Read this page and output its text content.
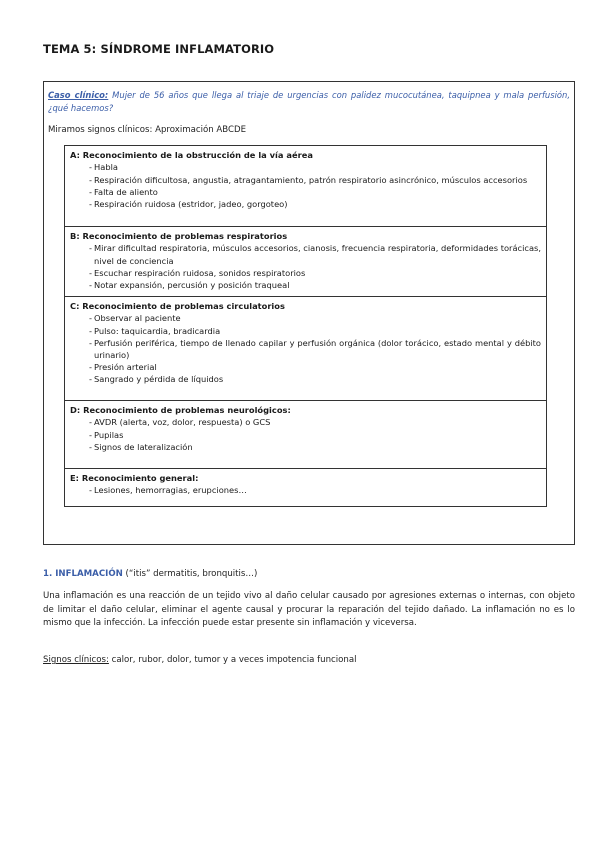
TEMA 5: SÍNDROME INFLAMATORIO
Caso clínico: Mujer de 56 años que llega al triaje de urgencias con palidez mucocutánea, taquipnea y mala perfusión, ¿qué hacemos?
Miramos signos clínicos: Aproximación ABCDE
A: Reconocimiento de la obstrucción de la vía aérea
- Habla
- Respiración dificultosa, angustia, atragantamiento, patrón respiratorio asincrónico, músculos accesorios
- Falta de aliento
- Respiración ruidosa (estridor, jadeo, gorgoteo)
B: Reconocimiento de problemas respiratorios
- Mirar dificultad respiratoria, músculos accesorios, cianosis, frecuencia respiratoria, deformidades torácicas, nivel de conciencia
- Escuchar respiración ruidosa, sonidos respiratorios
- Notar expansión, percusión y posición traqueal
C: Reconocimiento de problemas circulatorios
- Observar al paciente
- Pulso: taquicardia, bradicardia
- Perfusión periférica, tiempo de llenado capilar y perfusión orgánica (dolor torácico, estado mental y débito urinario)
- Presión arterial
- Sangrado y pérdida de líquidos
D: Reconocimiento de problemas neurológicos:
- AVDR (alerta, voz, dolor, respuesta) o GCS
- Pupilas
- Signos de lateralización
E: Reconocimiento general:
- Lesiones, hemorragias, erupciones…
1. INFLAMACIÓN (“itis” dermatitis, bronquitis…)
Una inflamación es una reacción de un tejido vivo al daño celular causado por agresiones externas o internas, con objeto de limitar el daño celular, eliminar el agente causal y procurar la reparación del tejido dañado. La inflamación no es lo mismo que la infección. La infección puede estar presente sin inflamación y viceversa.
Signos clínicos: calor, rubor, dolor, tumor y a veces impotencia funcional
